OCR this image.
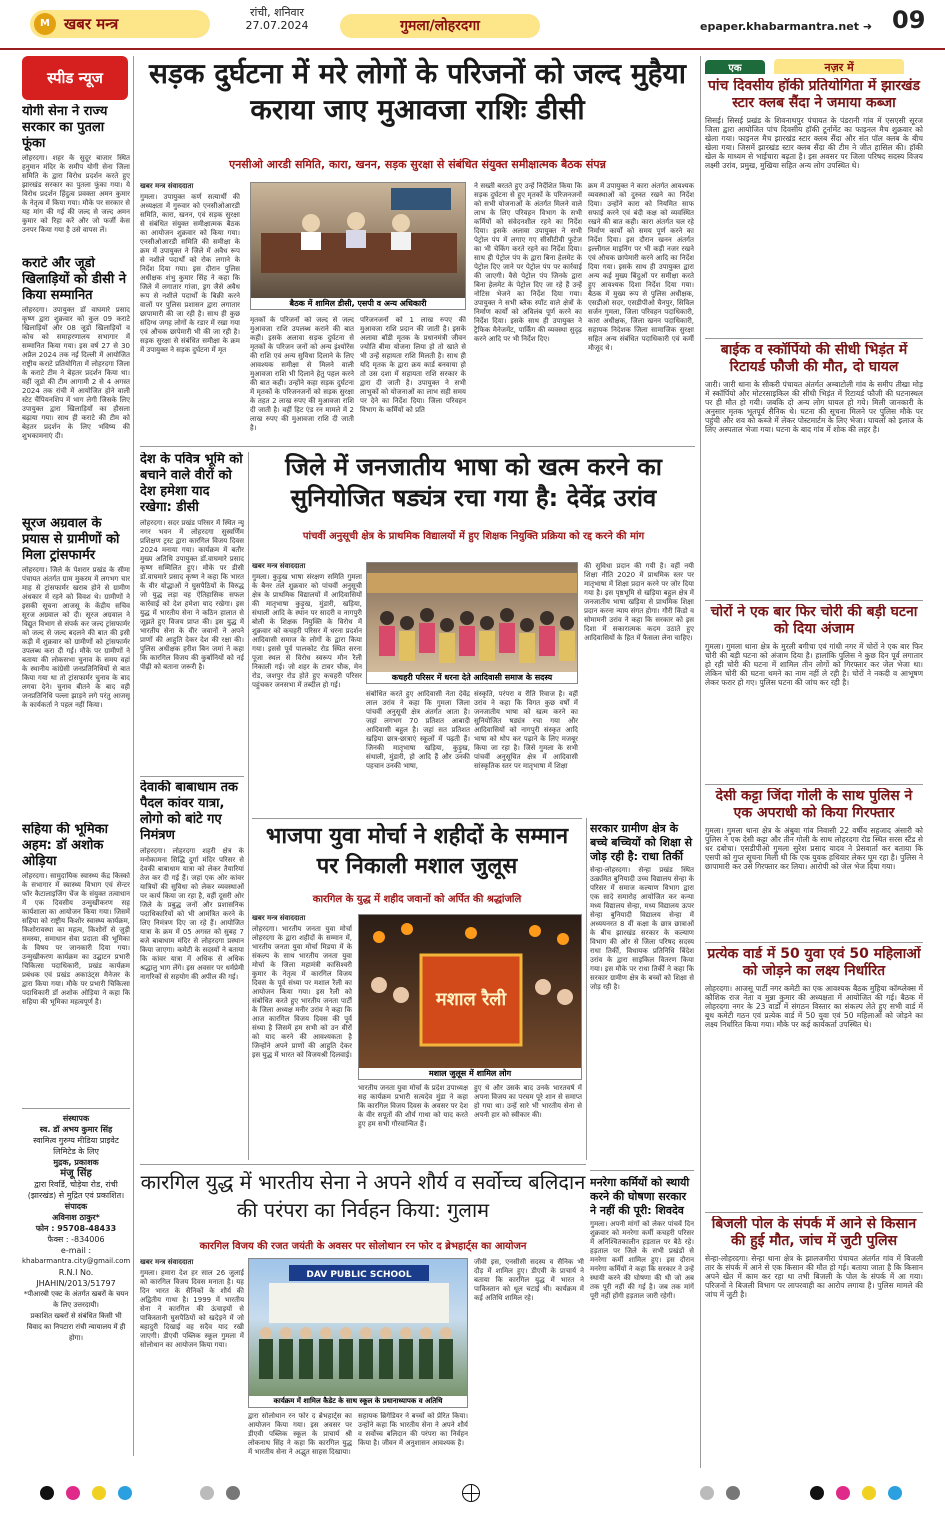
M खबर मन्त्र
रांची, शनिवार
27.07.2024	गुमला/लोहरदगा	epaper.khabarmantra.net ➜ 09
स्पीड न्यूज
योगी सेना ने राज्य सरकार का पुतला फूंका
लोहरदगा। शहर के सुदूर बाजार स्थित हनुमान मंदिर के समीप योगी सेना जिला समिति के द्वारा विरोध प्रदर्शन करते हुए झारखंड सरकार का पुतला फूंका गया। ये विरोध प्रदर्शन हिंदुत्व प्रवक्ता अमन कुमार के नेतृत्व में किया गया। मौके पर सरकार से यह मांग की गई की जल्द से जल्द अमन कुमार को रिहा करें और जो फर्जी केस उनपर किया गया है उसे वापस लें।
कराटे और जूडो खिलाड़ियों को डीसी ने किया सम्मानित
लोहरदगा। उपायुक्त डॉ वाघमारे प्रसाद कृष्ण द्वारा शुक्रवार को कुल 09 कराटे खिलाड़ियों और 08 जूडो खिलाड़ियों व कोच को समाहरणालय सभागार में सम्मानित किया गया। इस वर्ष 27 से 30 अप्रैल 2024 तक नई दिल्ली में आयोजित राष्ट्रीय कराटे प्रतियोगिता में लोहरदगा जिला के कराटे टीम ने बेहतर प्रदर्शन किया था। वहीं जूडो की टीम आगामी 2 से 4 अगस्त 2024 तक रांची में आयोजित होने वाली स्टेट चैंपियनशिप में भाग लेगी जिसके लिए उपायुक्त द्वारा खिलाड़ियों का हौसला बढ़ाया गया। साथ ही कराटे की टीम को बेहतर प्रदर्शन के लिए भविष्य की शुभकामनाएं दी।
सूरज अग्रवाल के प्रयास से ग्रामीणों को मिला ट्रांसफार्मर
लोहरदगा। जिले के पेशरार प्रखंड के सीमा पंचायत अंतर्गत ग्राम मुकरम में लगभग चार माह से ट्रांसफार्मर खराब होने से ग्रामीण अंधकार में रहने को विवश थे। ग्रामीणों ने इसकी सूचना आजसू के केंद्रीय सचिव सूरज अग्रवाल को दी। सूरज अग्रवाल ने विद्युत विभाग से संपर्क कर जल्द ट्रांसफार्मर को जल्द से जल्द बदलने की बात की इसी कड़ी में शुक्रवार को ग्रामीणों को ट्रांसफार्मर उपलब्ध करा दी गई। मौके पर ग्रामीणों ने बताया की लोकसभा चुनाव के समय वहां के स्थानीय कांग्रेसी जनप्रतिनिधियों से बात किया गया था तो ट्रांसफार्मर चुनाव के बाद लगवा देने। चुनाव बीतने के बाद वही जनप्रतिनिधि पल्ला झाड़ने लगे परंतु आजसू के कार्यकर्ता ने पहल नहीं किया।
सहिया की भूमिका अहम: डॉ अशोक ओड़िया
लोहरदगा। सामुदायिक स्वास्थ्य केंद्र किस्को के सभागार में स्वास्थ्य विभाग एवं सेन्टर फॉर कैटालाइजिंग चेंज के संयुक्त तत्वाधान में एक दिवसीय उन्मुखीकरण सह कार्यशाला का आयोजन किया गया। जिसमें सहिया को राष्ट्रीय किशोर स्वास्थ्य कार्यक्रम, किशोरावस्था का महत्व, किशोरों से जुड़ी समस्या, समाधान सेवा प्रदाता की भूमिका के विषय पर जानकारी दिया गया। उन्मुखीकरण कार्यक्रम का उद्घाटन प्रभारी चिकित्सा पदाधिकारी, प्रखंड कार्यक्रम प्रबंधक एवं प्रखंड अकाउंट्स मैनेजर के द्वारा किया गया। मौके पर प्रभारी चिकित्सा पदाधिकारी डॉ अशोक ओड़िया ने कहा कि सहिया की भूमिका महत्वपूर्ण है।
संस्थापक
स्व. डॉ अभय कुमार सिंह
स्वामित्व गुरुग्य मीडिया प्राइवेट लिमिटेड के लिए
मुद्रक, प्रकाशक
मंजू सिंह
द्वारा रिवर्डि, चोड़ेया रोड, रांची (झारखंड) से मुद्रित एवं प्रकाशित।
संपादक
अविनाश ठाकुर*
फोन : 95708-48433
फैक्स : -834006
e-mail :
khabarmantra.city@gmail.com
R.N.I No.
JHAHIN/2013/51797
*पीआरबी एक्ट के अंतर्गत खबरों के चयन के लिए उत्तरदायी।
प्रकाशित खबरों से संबंधित किसी भी विवाद का निपटारा रांची न्यायालय में ही होगा।
सड़क दुर्घटना में मरे लोगों के परिजनों को जल्द मुहैया कराया जाए मुआवजा राशिः डीसी
एनसीओ आरडी समिति, कारा, खनन, सड़क सुरक्षा से संबंधित संयुक्त समीक्षात्मक बैठक संपन्न
खबर मन्त्र संवाददाता
गुमला। उपायुक्त कर्ण सत्यार्थी की अध्यक्षता में गुरुवार को एनसीओआरडी समिति, कारा, खनन, एवं सड़क सुरक्षा से संबंधित संयुक्त समीक्षात्मक बैठक का आयोजन शुक्रवार को किया गया। एनसीओआरडी समिति की समीक्षा के क्रम में उपायुक्त ने जिले में अवैध रूप से नशीले पदार्थों को रोक लगाने के निर्देश दिया गया। इस दौरान पुलिस अधीक्षक शंभु कुमार सिंह ने कहा कि जिले में लगातार गांजा, ड्रग जैसे अवैध रूप से नशीले पदार्थों के बिक्री करने वालों पर पुलिस प्रशासन द्वारा लगातार छापामारी की जा रही है। साथ ही कुछ संदिग्ध जगह लोगों के रडार में रखा गया एवं औचक छापेमारी भी की जा रही है। सड़क सुरक्षा से संबंधित समीक्षा के क्रम में उपायुक्त ने सड़क दुर्घटना में मृत
बैठक में शामिल डीसी, एसपी व अन्य अधिकारी
मृतकों के परिजनों को जल्द से जल्द मुआवजा राशि उपलब्ध कराने की बात कही। इसके अलावा सड़क दुर्घटना से मृतकों के परिजन जनों को अन्य इंश्योरेंस की राशि एवं अन्य सुविधा दिलाने के लिए आवश्यक समीक्षा से मिलने वाली मुआवजा राशि भी दिलाने हेतु पहल करने की बात कही। उन्होंने कहा सड़क दुर्घटना में मृतकों के परिजनजनों को सड़क सुरक्षा के तहत 2 लाख रुपए की मुआवजा राशि दी जाती है। वहीं हिट एंड रन मामले में 2 लाख रुपए की मुआवजा राशि दी जाती है।
परिजनजनों को 1 लाख रुपए की मुआवजा राशि प्रदान की जाती है। इसके अलावा बॉडी मृतक के प्रधानमंत्री जीवन ज्योति बीमा योजना लिया हो तो खाते से भी उन्हें सहायता राशि मिलती है। साथ ही यदि मृतक के द्वारा क्रय कार्ड बनवाया हो तो उस दशा में सहायता राशि सरकार के द्वारा दी जाती है। उपायुक्त ने सभी लाभुकों को योजनाओं का लाभ सही समय पर देने का निर्देश दिया। जिला परिवहन विभाग के कर्मियों को प्रति
ने सख्ती बरतते हुए उन्हें निर्देशित किया कि सड़क दुर्घटना से हुए मृतकों के परिजनजनों को सभी योजनाओं के अंतर्गत मिलने वाले लाभ के लिए परिवहन विभाग के सभी कर्मियों को संवेदनशील रहने का निर्देश दिया। इसके अलावा उपायुक्त ने सभी पेट्रोल पंप में लगाए गए सीसीटीवी फुटेज का भी चेकिंग करते रहने का निर्देश दिया। साथ ही पेट्रोल पंप के द्वारा बिना हेलमेट के पेट्रोल दिए जाने पर पेट्रोल पंप पर कार्रवाई की जाएगी। वैसे पेट्रोल पंप जिनके द्वारा बिना हेलमेट के पेट्रोल दिए जा रहे हैं उन्हें नोटिस भेजने का निर्देश दिया गया। उपायुक्त ने सभी ब्लैक स्पॉट वाले क्षेत्रों के निर्माण कार्यों को अविलंब पूर्ण करने का निर्देश दिया। इसके साथ ही उपायुक्त ने ट्रैफिक मैनेजमेंट, पार्किंग की व्यवस्था सुदृढ़ करने आदि पर भी निर्देश दिए।
क्रम में उपायुक्त ने कारा अंतर्गत आवश्यक व्यवस्थाओं को दुरुस्त रखने का निर्देश दिया। उन्होंने कारा को नियमित साफ सफाई करने एवं बंदी कक्ष को व्यवस्थित रखने की बात कही। कारा अंतर्गत चल रहे निर्माण कार्यों को समय पूर्ण करने का निर्देश दिया। इस दौरान खनन अंतर्गत इल्लीगल माइनिंग पर भी कड़ी नजर रखने एवं औचक छापेमारी करने आदि का निर्देश दिया गया। इसके साथ ही उपायुक्त द्वारा अन्य कई मुख्य बिंदुओं पर समीक्षा करते हुए आवश्यक दिशा निर्देश दिया गया। बैठक में मुख्य रूप से पुलिस अधीक्षक, एसडीओ सदर, एसडीपीओ चैनपुर, सिविल सर्जन गुमला, जिला परिवहन पदाधिकारी, कारा अधीक्षक, जिला खनन पदाधिकारी, सहायक निदेशक जिला सामाजिक सुरक्षा सहित अन्य संबंधित पदाधिकारी एवं कर्मी मौजूद थे।
देश के पवित्र भूमि को बचाने वाले वीरों को देश हमेशा याद रखेगा: डीसी
लोहरदगा। सदर प्रखंड परिसर में स्थित न्यू नगर भवन में लोहरदगा सुस्वर्णिम प्रशिक्षण ट्रस्ट द्वारा कारगिल विजय दिवस 2024 मनाया गया। कार्यक्रम में बतौर मुख्य अतिथि उपायुक्त डॉ.वाघमारे प्रसाद कृष्ण सम्मिलित हुए। मौके पर डीसी डॉ.वाघमारे प्रसाद कृष्ण ने कहा कि भारत के वीर योद्धाओं ने घुसपैठियों के विरुद्ध जो युद्ध लड़ा वह ऐतिहासिक सफल कार्रवाई को देश हमेशा याद रखेगा। इस युद्ध में भारतीय सेना ने कठिन हालात से जूझते हुए विजय प्राप्त की। इस युद्ध में भारतीय सेना के वीर जवानों ने अपने प्राणों की आहुति देकर देश की रक्षा की। पुलिस अधीक्षक हरीश बिन जमां ने कहा कि कारगिल विजय की कुर्बानियों को नई पीढ़ी को बताना जरूरी है।
देवाकी बाबाधाम तक पैदल कांवर यात्रा, लोगो को बांटे गए निमंत्रण
लोहरदगा। लोहरदगा शहरी क्षेत्र के मनोकामना सिद्धि दुर्गा मंदिर परिसर से देवकी बाबाधाम यात्रा को लेकर तैयारियां तेज कर दी गई हैं। जहां एक ओर कांवर यात्रियों की सुविधा को लेकर व्यवस्थाओं पर कार्य किया जा रहा है, वहीं दूसरी ओर जिले के प्रबुद्ध जनों और प्रशासनिक पदाधिकारियों को भी आमंत्रित करने के लिए निमंत्रण दिए जा रहे हैं। आयोजित यात्रा के क्रम में 05 अगस्त को सुबह 7 बजे बाबाधाम मंदिर से लोहरदगा प्रस्थान किया जाएगा। कमेटी के सदस्यों ने बताया कि कांवर यात्रा में अधिक से अधिक श्रद्धालु भाग लेंगे। इस अवसर पर धर्मप्रेमी नागरिकों से सहयोग की अपील की गई।
जिले में जनजातीय भाषा को खत्म करने का सुनियोजित षड्यंत्र रचा गया है: देवेंद्र उरांव
पांचवीं अनुसूची क्षेत्र के प्राथमिक विद्यालयों में हुए शिक्षक नियुक्ति प्रक्रिया को रद्द करने की मांग
खबर मन्त्र संवाददाता
गुमला। कुड़ुख भाषा संरक्षण समिति गुमला के बैनर तले शुक्रवार को पांचवीं अनुसूची क्षेत्र के प्राथमिक विद्यालयों में आदिवासियों की मातृभाषा कुड़ुख, मुंडारी, खड़िया, संथाली आदि के स्थान पर सादरी व नागपुरी बोली के शिक्षक नियुक्ति के विरोध में शुक्रवार को कचहरी परिसर में धरना प्रदर्शन आदिवासी समाज के लोगों के द्वारा किया गया। इससे पूर्व पालकोट रोड स्थित सरना पूजा स्थल से विरोध स्वरूप मौन रैली निकाली गई। जो शहर के टावर चौक, मेन रोड, जशपुर रोड होते हुए कचहरी परिसर पहुंचकर जनसभा में तब्दील हो गई।
कचहरी परिसर में धरना देते आदिवासी समाज के सदस्य
संबोधित करते हुए आदिवासी नेता देवेंद्र लाल उरांव ने कहा कि गुमला जिला पांचवीं अनुसूची क्षेत्र अंतर्गत आता है। जहां लगभग 70 प्रतिशत आबादी आदिवासी बहुल है। जहां सत प्रतिशत खड़िया छात्र-छात्राएं स्कूलों में पढ़ती हैं। जिनकी मातृभाषा खड़िया, कुड़ुख, संथाली, मुंडारी, हो आदि हैं और उनकी पहचान उनकी भाषा,
संस्कृति, परंपरा व रीति रिवाज है। वहीं उरांव ने कहा कि विगत कुछ वर्षों में जनजातीय भाषा को खत्म करने का सुनियोजित षड्यंत्र रचा गया और आदिवासियों को नागपुरी संस्कृत आदि भाषा को थोप कर पढ़ाने के लिए मजबूर किया जा रहा है। जिसे गुमला के सभी पांचवीं अनुसूचित क्षेत्र में आदिवासी सांस्कृतिक स्तर पर मातृभाषा में शिक्षा
की सुविधा प्रदान की गयी है। वहीं नयी शिक्षा नीति 2020 में प्राथमिक स्तर पर मातृभाषा में शिक्षा प्रदान करने पर जोर दिया गया है। इस पृष्ठभूमि से खड़िया बहुल क्षेत्र में जनजातीय भाषा खड़िया से प्राथमिक शिक्षा प्रदान करना न्याय संगत होगा। गौरी किंडो व सोमामनी उरांव ने कहा कि सरकार को इस दिशा में सकारात्मक कदम उठाते हुए आदिवासियों के हित में फैसला लेना चाहिए।
भाजपा युवा मोर्चा ने शहीदों के सम्मान पर निकाली मशाल जुलूस
कारगिल के युद्ध में शहीद जवानों को अर्पित की श्रद्धांजलि
खबर मन्त्र संवाददाता
लोहरदगा। भारतीय जनता युवा मोर्चा लोहरदगा के द्वारा शहीदों के सम्मान में, भारतीय जनता युवा मोर्चा मिडया में के संकल्प के साथ भारतीय जनता युवा मोर्चा के जिला महामंत्री कासिश्वरी कुमार के नेतृत्व में कारगिल विजय दिवस के पूर्व संध्या पर मशाल रैली का आयोजन किया गया। इस रैली को संबोधित करते हुए भारतीय जनता पार्टी के जिला अध्यक्ष मनीर उरांव ने कहा कि आज कारगिल विजय दिवस की पूर्व संध्या है जिसमें हम सभी को उन वीरों को याद करने की आवश्यकता है जिन्होंने अपने प्राणों की आहुति देकर इस युद्ध में भारत को विजयश्री दिलवाई।
मशाल रैली
मशाल जुलूस में शामिल लोग
भारतीय जनता युवा मोर्चा के प्रदेश उपाध्यक्ष सह कार्यक्रम प्रभारी सत्यदेव मुंडा ने कहा कि कारगिल विजय दिवस के अवसर पर देश के वीर सपूतों की शौर्य गाथा को याद करते हुए हम सभी गौरवान्वित हैं।
हुए थे और उसके बाद उनके भारतवर्ष में अपना विजय का परचम पूरे शान से समाप्त हो गया था। उन्हें सारे भी भारतीय सेना से अपनी हार को स्वीकार की।
सरकार ग्रामीण क्षेत्र के बच्चे बच्चियों को शिक्षा से जोड़ रही है: राधा तिर्की
सेन्हा-लोहरदगा। सेन्हा प्रखंड स्थित उत्क्रमित बुनियादी उच्च विद्यालय सेन्हा के परिसर में समाज कल्याण विभाग द्वारा एक सादे समारोह आयोजित कर कन्या मध्य विद्यालय सेन्हा, मध्य विद्यालय ऊपर सेन्हा बुनियादी विद्यालय सेन्हा में अध्ययनरत 8 वीं कक्षा के छात्र छात्राओं के बीच झारखंड सरकार के कल्याण विभाग की ओर से जिला परिषद सदस्य राधा तिर्की, विधायक प्रतिनिधि बिंदेश उरांव के द्वारा साइकिल वितरण किया गया। इस मौके पर राधा तिर्की ने कहा कि सरकार ग्रामीण क्षेत्र के बच्चों को शिक्षा से जोड़ रही है।
मनरेगा कर्मियों को स्थायी करने की घोषणा सरकार ने नहीं की पूरी: शिवदेव
गुमला। अपनी मांगों को लेकर पांचवें दिन शुक्रवार को मनरेगा कर्मी कचहरी परिसर में अनिश्चितकालीन हड़ताल पर बैठे रहे। हड़ताल पर जिले के सभी प्रखंडों से मनरेगा कर्मी शामिल हुए। इस दौरान मनरेगा कर्मियों ने कहा कि सरकार ने उन्हें स्थायी करने की घोषणा की थी जो अब तक पूरी नहीं की गई है। जब तक मांगें पूरी नहीं होंगी हड़ताल जारी रहेगी।
कारगिल युद्ध में भारतीय सेना ने अपने शौर्य व सर्वोच्च बलिदान की परंपरा का निर्वहन किया: गुलाम
कारगिल विजय की रजत जयंती के अवसर पर सोलोथान रन फोर द ब्रेभहार्ट्स का आयोजन
खबर मन्त्र संवाददाता
गुमला। हमारा देश हर साल 26 जुलाई को कारगिल विजय दिवस मनाता है। यह दिन भारत के सैनिकों के शौर्य की अद्वितीय गाथा है। 1999 में भारतीय सेना ने कारगिल की ऊंचाइयों से पाकिस्तानी घुसपैठियों को खदेड़ने में जो बहादुरी दिखाई वह सदैव याद रखी जाएगी। डीएवी पब्लिक स्कूल गुमला में सोलोथान का आयोजन किया गया।
DAV PUBLIC SCHOOL
कार्यक्रम में शामिल कैडेट के साथ स्कूल के प्रधानाध्यापक व अतिथि
द्वारा सोलोथान रन फोर द ब्रेभहार्ट्स का आयोजन किया गया। इस अवसर पर डीएवी पब्लिक स्कूल के प्राचार्य श्री लोकनाथ सिंह ने कहा कि कारगिल युद्ध में भारतीय सेना ने अद्भुत साहस दिखाया।
सहायक ब्रिगेडियर ने बच्चों को प्रेरित किया। उन्होंने कहा कि भारतीय सेना ने अपने शौर्य व सर्वोच्च बलिदान की परंपरा का निर्वहन किया है। जीवन में अनुशासन आवश्यक है।
जीवी इस, एनसीसी सदस्य व सैनिक भी दौड़ में शामिल हुए। डीएवी के प्राचार्य ने बताया कि कारगिल युद्ध में भारत ने पाकिस्तान को धूल चटाई थी। कार्यक्रम में कई अतिथि शामिल रहे।
एक	नज़र में
पांच दिवसीय हॉकी प्रतियोगिता में झारखंड स्टार क्लब सैंदा ने जमाया कब्जा
सिसई। सिसई प्रखंड के शिवनाथपुर पंचायत के पंडरानी गांव में एसएसी सूरज जिला द्वारा आयोजित पांच दिवसीय हॉकी टूर्नामेंट का फाइनल मैच शुक्रवार को खेला गया। फाइनल मैच झारखंड स्टार क्लब सैंदा और संत पॉल क्लब के बीच खेला गया। जिसमें झारखंड स्टार क्लब सैंदा की टीम ने जीत हासिल की। हॉकी खेल के माध्यम से भाईचारा बढ़ता है। इस अवसर पर जिला परिषद सदस्य विजय लक्ष्मी उरांव, प्रमुख, मुखिया सहित अन्य लोग उपस्थित थे।
बाईक व स्कॉर्पियो की सीधी भिड़ंत में रिटायर्ड फौजी की मौत, दो घायल
जारी। जारी थाना के सीकरी पंचायत अंतर्गत अम्बाटोली गांव के समीप तीखा मोड़ में स्कॉर्पियो और मोटरसाइकिल की सीधी भिड़ंत में रिटायर्ड फौजी की घटनास्थल पर ही मौत हो गयी। जबकि दो अन्य लोग घायल हो गये। मिली जानकारी के अनुसार मृतक भूतपूर्व सैनिक थे। घटना की सूचना मिलने पर पुलिस मौके पर पहुंची और शव को कब्जे में लेकर पोस्टमार्टम के लिए भेजा। घायलों को इलाज के लिए अस्पताल भेजा गया। घटना के बाद गांव में शोक की लहर है।
चोरों ने एक बार फिर चोरी की बड़ी घटना को दिया अंजाम
गुमला। गुमला थाना क्षेत्र के मुरली बगीचा एवं गांधी नगर में चोरों ने एक बार फिर चोरी की बड़ी घटना को अंजाम दिया है। हालांकि पुलिस ने कुछ दिन पूर्व लगातार हो रही चोरी की घटना में शामिल तीन लोगों को गिरफ्तार कर जेल भेजा था। लेकिन चोरी की घटना थमने का नाम नहीं ले रही है। चोरों ने नकदी व आभूषण लेकर फरार हो गए। पुलिस घटना की जांच कर रही है।
देसी कट्टा जिंदा गोली के साथ पुलिस ने एक अपराधी को किया गिरफ्तार
गुमला। गुमला थाना क्षेत्र के अंबुवा गांव निवासी 22 वर्षीय सहजाद अंसारी को पुलिस ने एक देसी कट्टा और तीन गोली के साथ लोहरदगा रोड स्थित सरस स्टैंड से धर दबोचा। एसडीपीओ गुमला सुरेश प्रसाद यादव ने प्रेसवार्ता कर बताया कि एसपी को गुप्त सूचना मिली थी कि एक युवक हथियार लेकर घूम रहा है। पुलिस ने छापामारी कर उसे गिरफ्तार कर लिया। आरोपी को जेल भेज दिया गया।
प्रत्येक वार्ड में 50 युवा एवं 50 महिलाओं को जोड़ने का लक्ष्य निर्धारित
लोहरदगा। आजसू पार्टी नगर कमेटी का एक आवश्यक बैठक मुहिया कॉम्प्लेक्स में कौशिक राज नेता व मुन्ना कुमार की अध्यक्षता में आयोजित की गई। बैठक में लोहरदगा नगर के 23 वार्डों में संगठन विस्तार का संकल्प लेते हुए सभी वार्ड में बूथ कमेटी गठन एवं प्रत्येक वार्ड में 50 युवा एवं 50 महिलाओं को जोड़ने का लक्ष्य निर्धारित किया गया। मौके पर कई कार्यकर्ता उपस्थित थे।
बिजली पोल के संपर्क में आने से किसान की हुई मौत, जांच में जुटी पुलिस
सेन्हा-लोहरदगा। सेन्हा थाना क्षेत्र के झालजमीरा पंचायत अंतर्गत गांव में बिजली तार के संपर्क में आने से एक किसान की मौत हो गई। बताया जाता है कि किसान अपने खेत में काम कर रहा था तभी बिजली के पोल के संपर्क में आ गया। परिजनों ने बिजली विभाग पर लापरवाही का आरोप लगाया है। पुलिस मामले की जांच में जुटी है।
